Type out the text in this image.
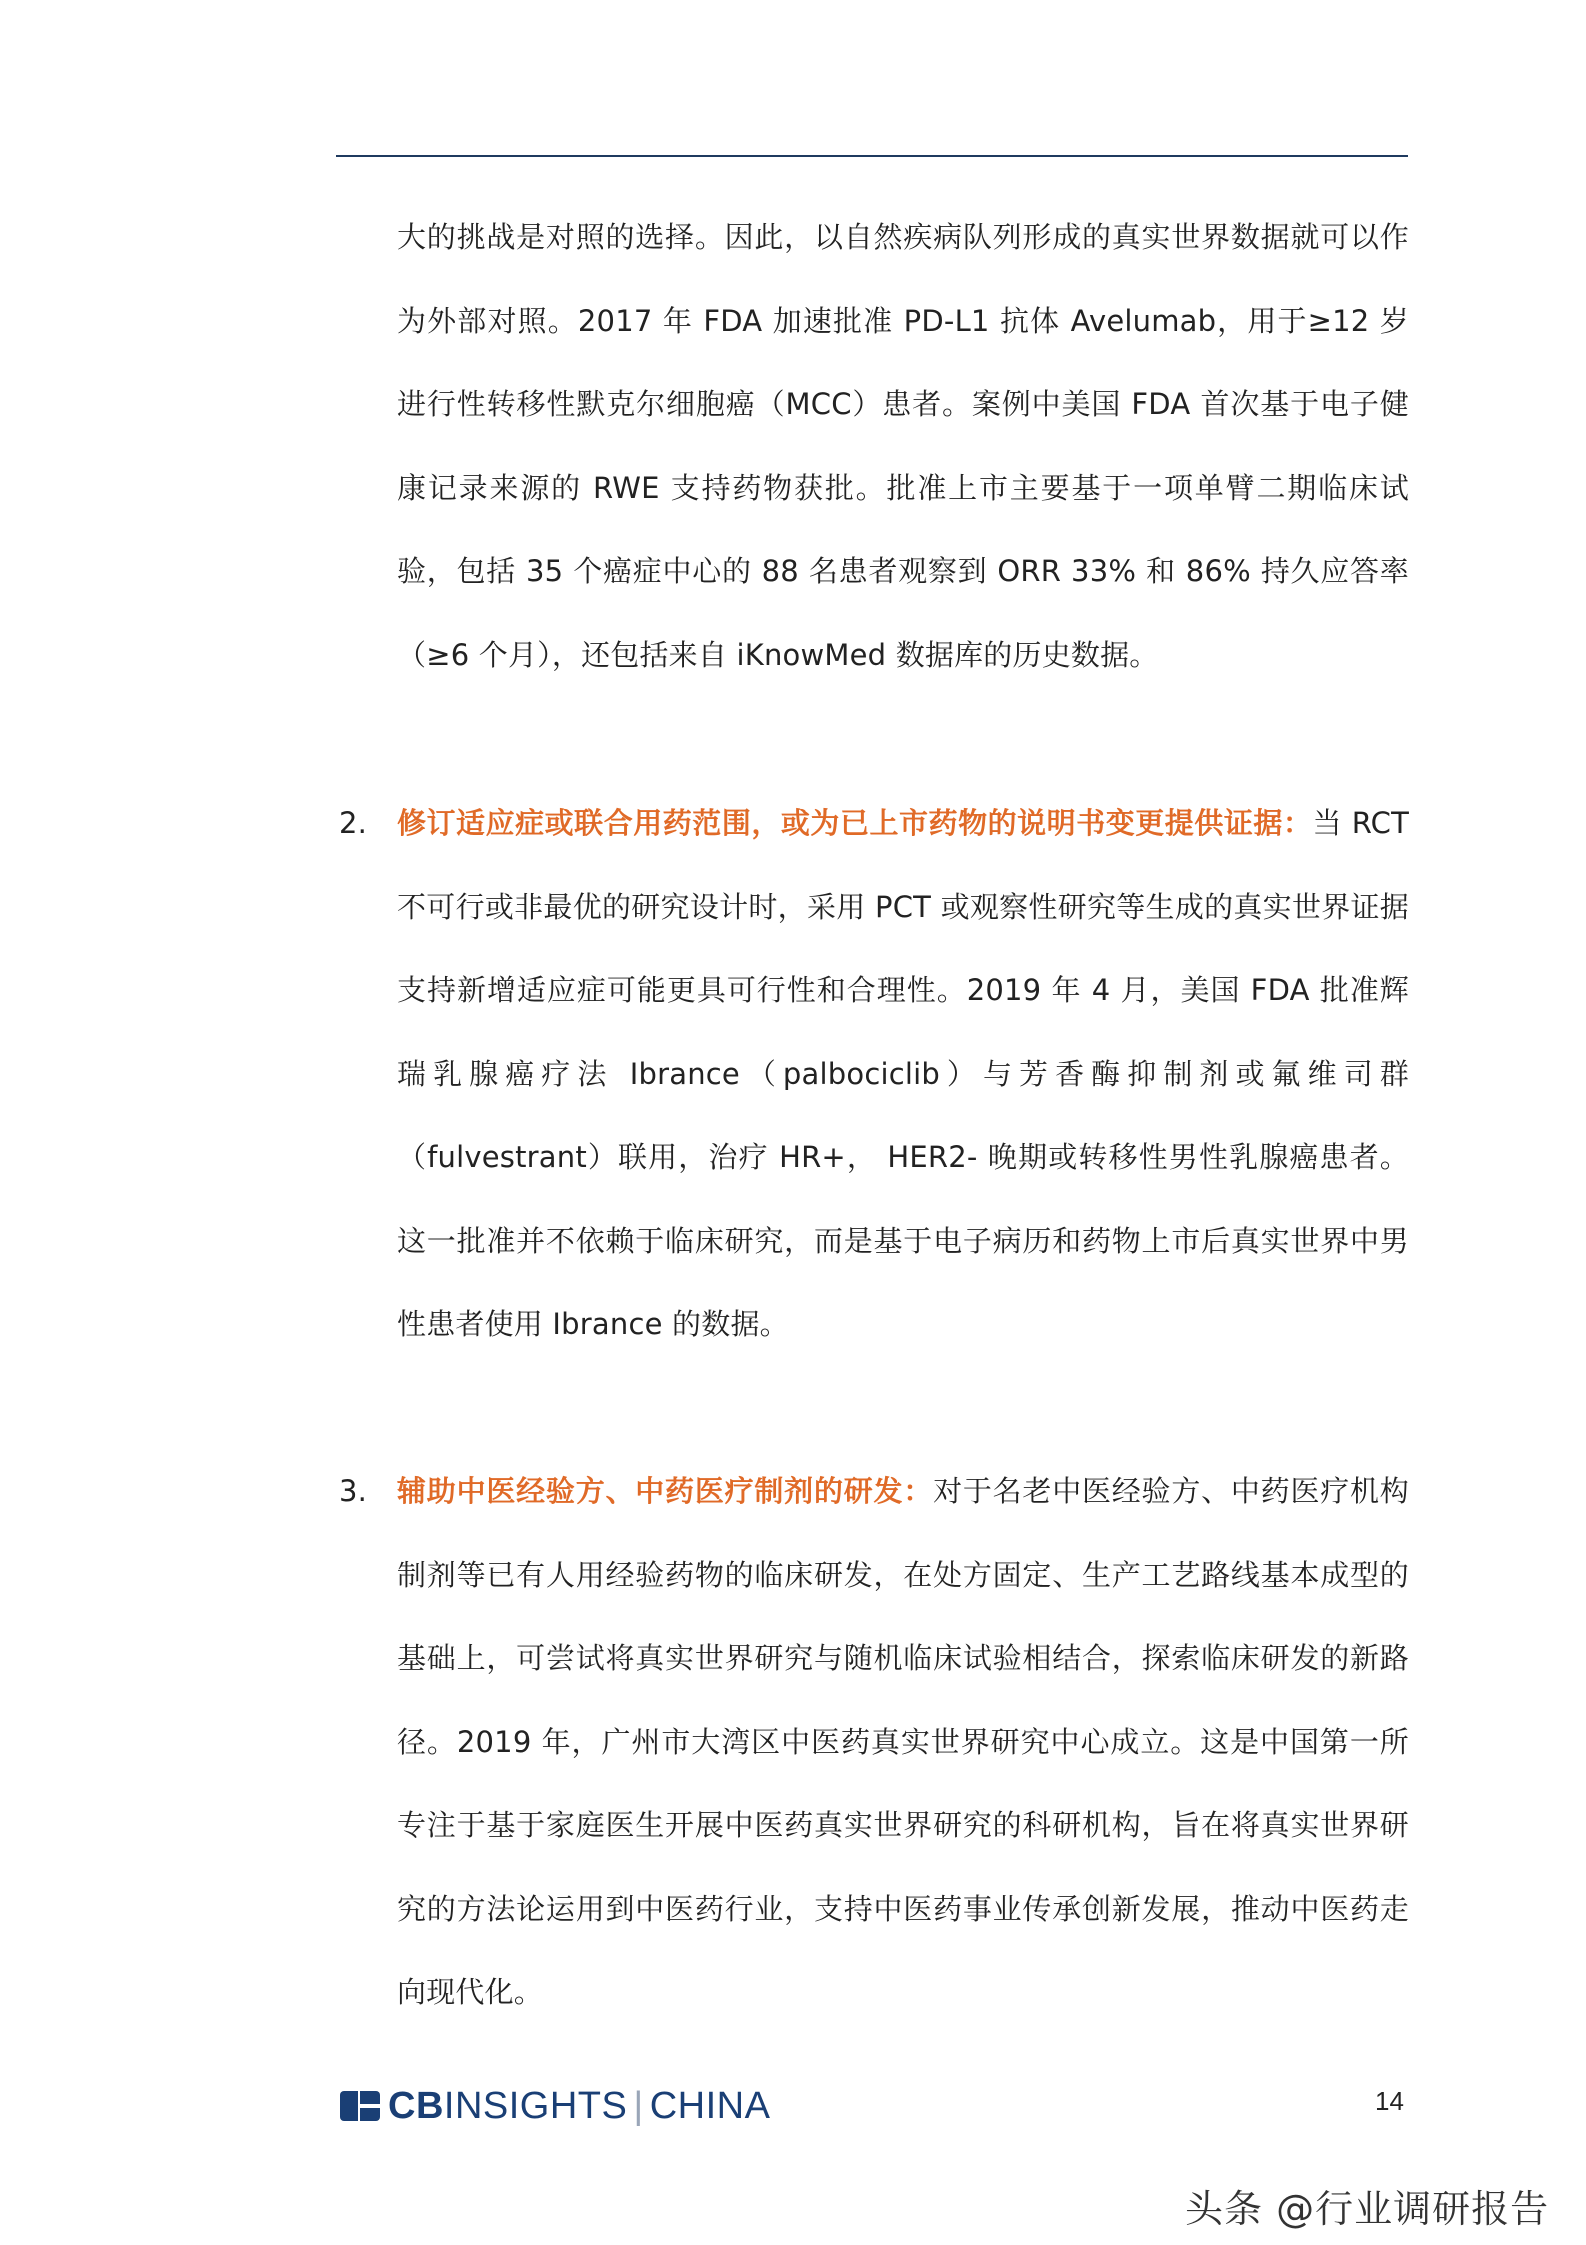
大的挑战是对照的选择。因此，以自然疾病队列形成的真实世界数据就可以作为外部对照。2017 年 FDA 加速批准 PD-L1 抗体 Avelumab，用于≥12 岁进行性转移性默克尔细胞癌（MCC）患者。案例中美国 FDA 首次基于电子健康记录来源的 RWE 支持药物获批。批准上市主要基于一项单臂二期临床试验，包括 35 个癌症中心的 88 名患者观察到 ORR 33% 和 86% 持久应答率（≥6 个月），还包括来自 iKnowMed 数据库的历史数据。
2. 修订适应症或联合用药范围，或为已上市药物的说明书变更提供证据：当 RCT 不可行或非最优的研究设计时，采用 PCT 或观察性研究等生成的真实世界证据支持新增适应症可能更具可行性和合理性。2019 年 4 月，美国 FDA 批准辉瑞乳腺癌疗法 Ibrance（palbociclib）与芳香酶抑制剂或氟维司群（fulvestrant）联用，治疗 HR+， HER2- 晚期或转移性男性乳腺癌患者。这一批准并不依赖于临床研究，而是基于电子病历和药物上市后真实世界中男性患者使用 Ibrance 的数据。
3. 辅助中医经验方、中药医疗制剂的研发：对于名老中医经验方、中药医疗机构制剂等已有人用经验药物的临床研发，在处方固定、生产工艺路线基本成型的基础上，可尝试将真实世界研究与随机临床试验相结合，探索临床研发的新路径。2019 年，广州市大湾区中医药真实世界研究中心成立。这是中国第一所专注于基于家庭医生开展中医药真实世界研究的科研机构，旨在将真实世界研究的方法论运用到中医药行业，支持中医药事业传承创新发展，推动中医药走向现代化。
CBINSIGHTS | CHINA	14
头条 @行业调研报告
